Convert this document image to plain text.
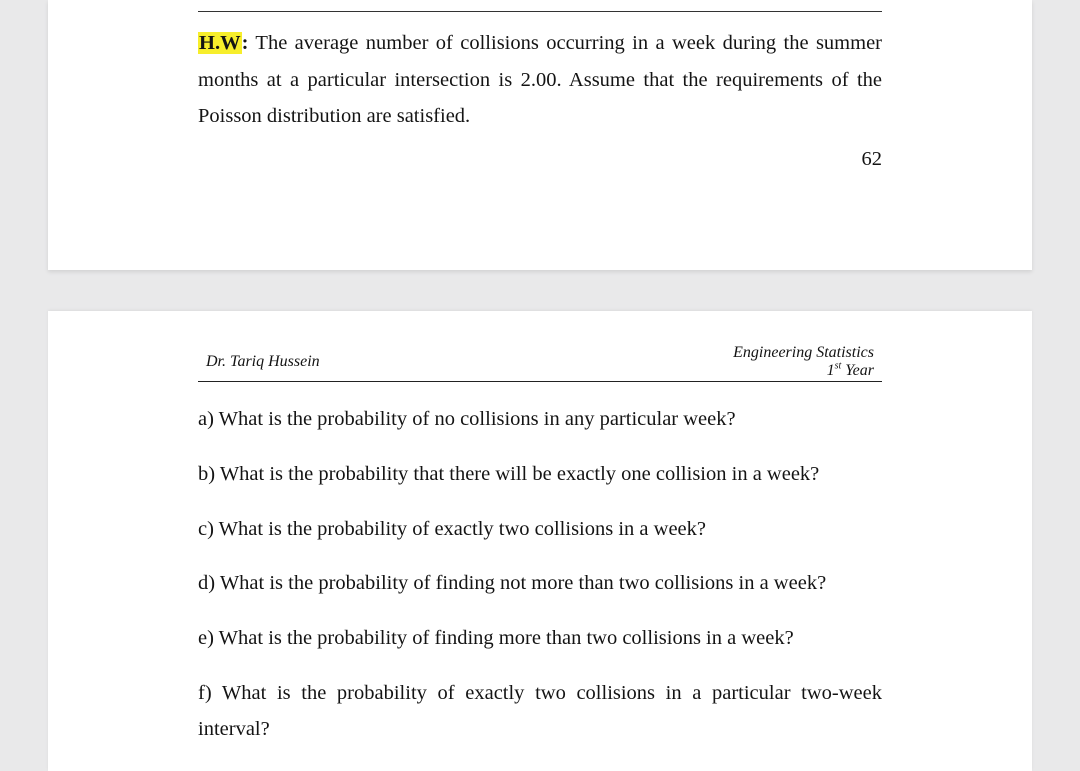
H.W: The average number of collisions occurring in a week during the summer months at a particular intersection is 2.00. Assume that the requirements of the Poisson distribution are satisfied.

62
Dr. Tariq Hussein
Engineering Statistics
1st Year
a) What is the probability of no collisions in any particular week?
b) What is the probability that there will be exactly one collision in a week?
c) What is the probability of exactly two collisions in a week?
d) What is the probability of finding not more than two collisions in a week?
e) What is the probability of finding more than two collisions in a week?
f) What is the probability of exactly two collisions in a particular two-week
interval?
